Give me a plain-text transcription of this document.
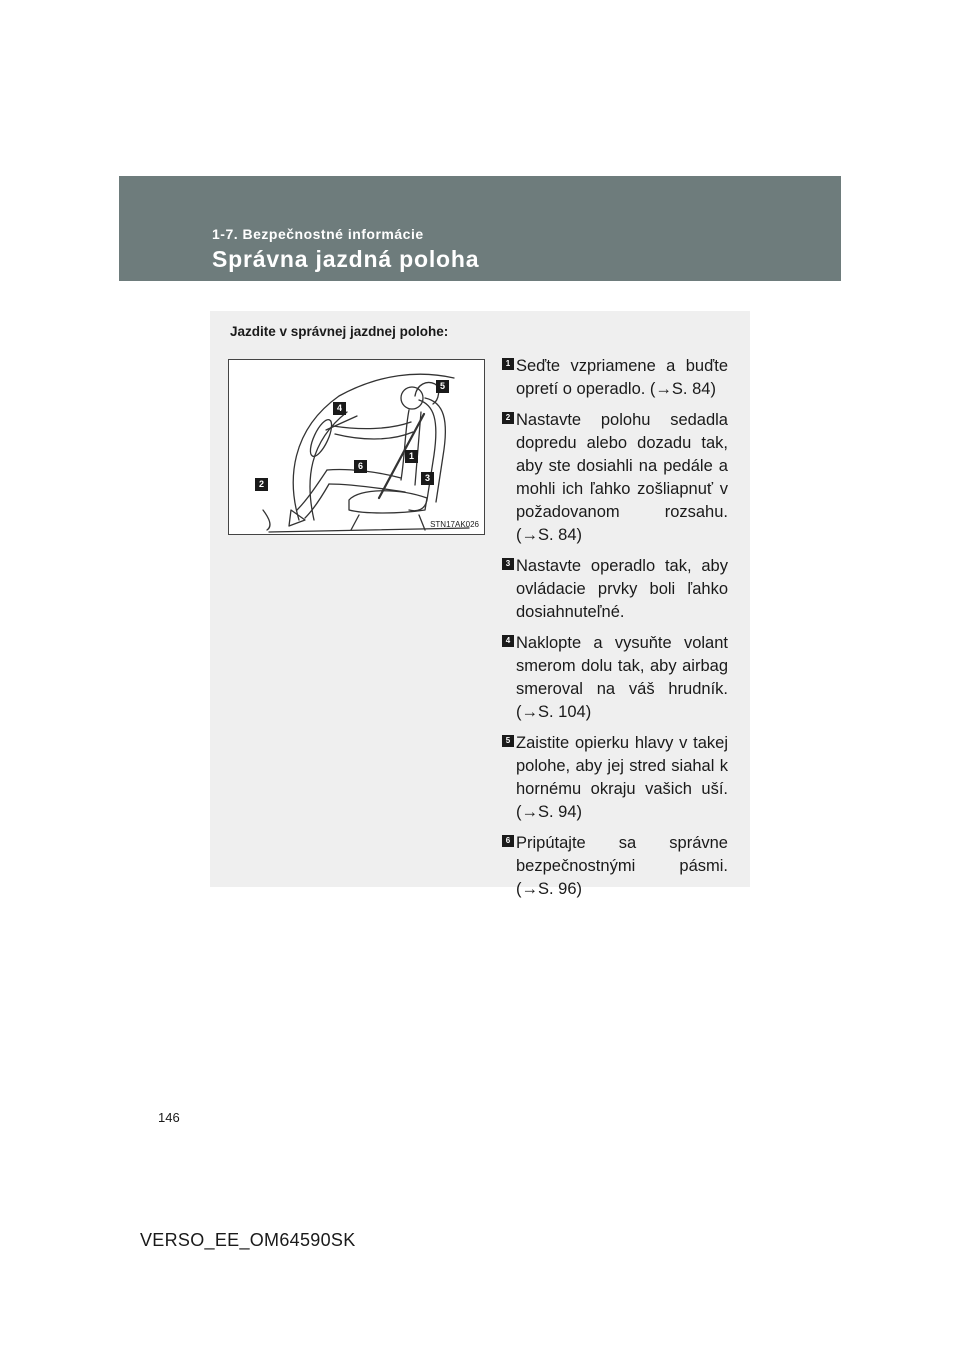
1-7. Bezpečnostné informácie
Správna jazdná poloha
Jazdite v správnej jazdnej polohe:
1
2
3
4
5
6
STN17AK026
1 Seďte vzpriamene a buďte opretí o operadlo. (→S. 84)
2 Nastavte polohu sedadla dopredu alebo dozadu tak, aby ste dosiahli na pedále a mohli ich ľahko zošliapnuť v požadovanom rozsahu. (→S. 84)
3 Nastavte operadlo tak, aby ovládacie prvky boli ľahko dosiahnuteľné.
4 Naklopte a vysuňte volant smerom dolu tak, aby airbag smeroval na váš hrudník. (→S. 104)
5 Zaistite opierku hlavy v takej polohe, aby jej stred siahal k hornému okraju vašich uší. (→S. 94)
6 Pripútajte sa správne bezpečnostnými pásmi. (→S. 96)
146
VERSO_EE_OM64590SK
